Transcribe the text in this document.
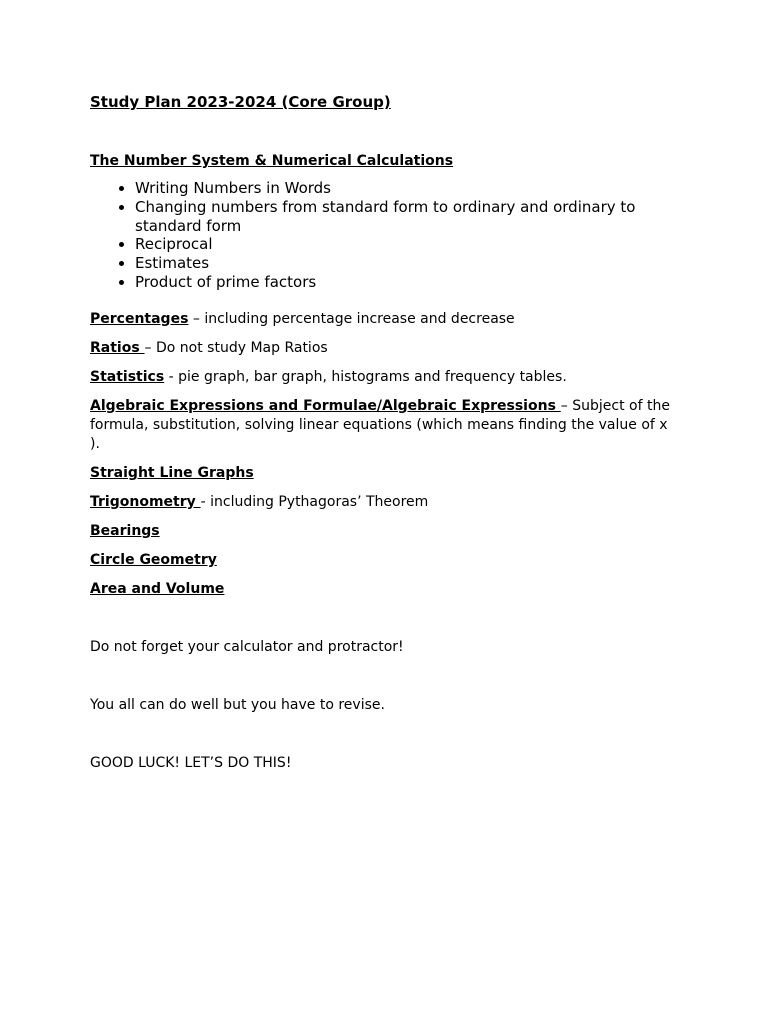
Study Plan 2023-2024 (Core Group)

The Number System & Numerical Calculations

• Writing Numbers in Words
• Changing numbers from standard form to ordinary and ordinary to standard form
• Reciprocal
• Estimates
• Product of prime factors

Percentages – including percentage increase and decrease

Ratios – Do not study Map Ratios

Statistics - pie graph, bar graph, histograms and frequency tables.

Algebraic Expressions and Formulae/Algebraic Expressions – Subject of the formula, substitution, solving linear equations (which means finding the value of x ).

Straight Line Graphs

Trigonometry - including Pythagoras’ Theorem

Bearings

Circle Geometry

Area and Volume

Do not forget your calculator and protractor!

You all can do well but you have to revise.

GOOD LUCK! LET’S DO THIS!
